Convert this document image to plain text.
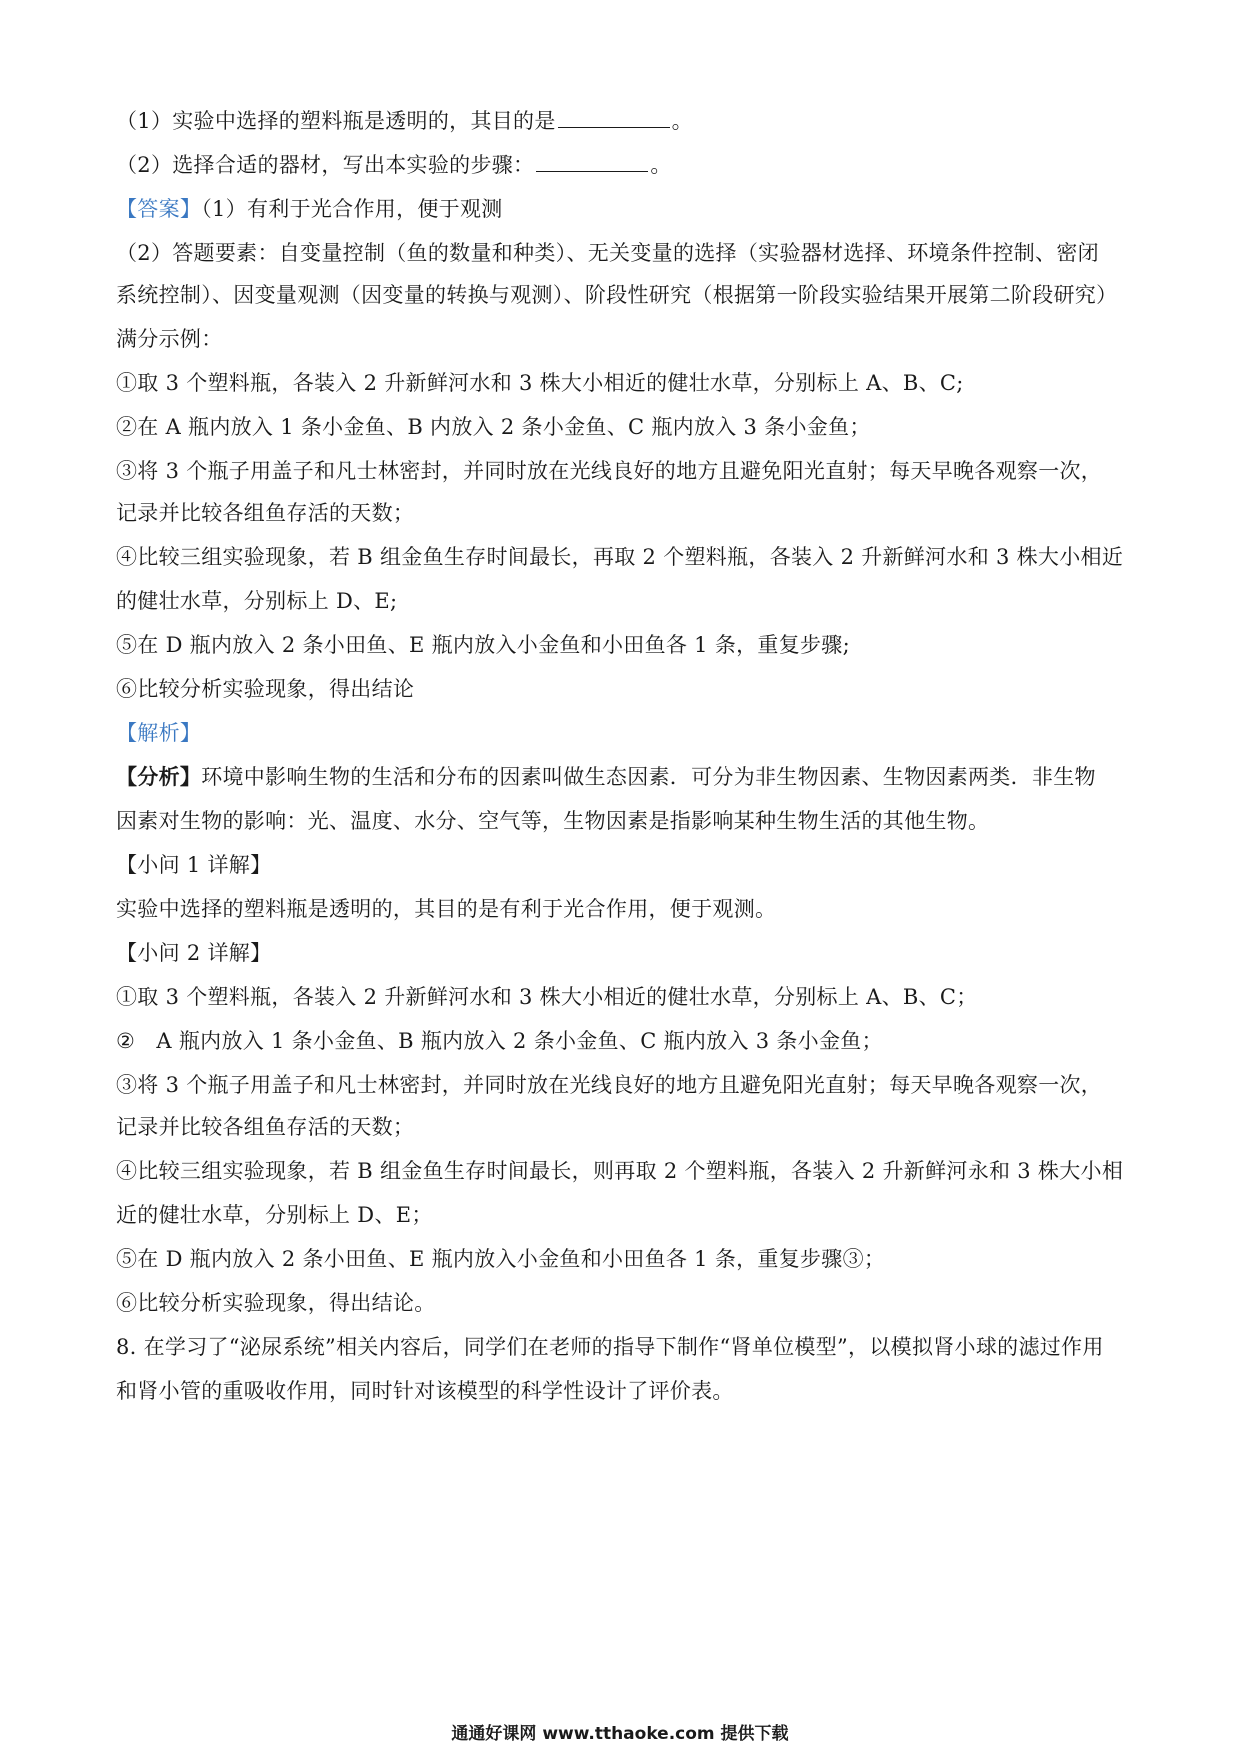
（1）实验中选择的塑料瓶是透明的，其目的是	。
（2）选择合适的器材，写出本实验的步骤：	。
【答案】（1）有利于光合作用，便于观测
（2）答题要素：自变量控制（鱼的数量和种类）、无关变量的选择（实验器材选择、环境条件控制、密闭
系统控制）、因变量观测（因变量的转换与观测）、阶段性研究（根据第一阶段实验结果开展第二阶段研究）
满分示例：
①取 3 个塑料瓶，各装入 2 升新鲜河水和 3 株大小相近的健壮水草，分别标上 A、B、C;
②在 A 瓶内放入 1 条小金鱼、B 内放入 2 条小金鱼、C 瓶内放入 3 条小金鱼；
③将 3 个瓶子用盖子和凡士林密封，并同时放在光线良好的地方且避免阳光直射；每天早晚各观察一次，
记录并比较各组鱼存活的天数；
④比较三组实验现象，若 B 组金鱼生存时间最长，再取 2 个塑料瓶，各装入 2 升新鲜河水和 3 株大小相近
的健壮水草，分别标上 D、E;
⑤在 D 瓶内放入 2 条小田鱼、E 瓶内放入小金鱼和小田鱼各 1 条，重复步骤;
⑥比较分析实验现象，得出结论
【解析】
【分析】环境中影响生物的生活和分布的因素叫做生态因素．可分为非生物因素、生物因素两类．非生物
因素对生物的影响：光、温度、水分、空气等，生物因素是指影响某种生物生活的其他生物。
【小问 1 详解】
实验中选择的塑料瓶是透明的，其目的是有利于光合作用，便于观测。
【小问 2 详解】
①取 3 个塑料瓶，各装入 2 升新鲜河水和 3 株大小相近的健壮水草，分别标上 A、B、C；
②　A 瓶内放入 1 条小金鱼、B 瓶内放入 2 条小金鱼、C 瓶内放入 3 条小金鱼；
③将 3 个瓶子用盖子和凡士林密封，并同时放在光线良好的地方且避免阳光直射；每天早晚各观察一次，
记录并比较各组鱼存活的天数；
④比较三组实验现象，若 B 组金鱼生存时间最长，则再取 2 个塑料瓶，各装入 2 升新鲜河永和 3 株大小相
近的健壮水草，分别标上 D、E；
⑤在 D 瓶内放入 2 条小田鱼、E 瓶内放入小金鱼和小田鱼各 1 条，重复步骤③；
⑥比较分析实验现象，得出结论。
8. 在学习了“泌尿系统”相关内容后，同学们在老师的指导下制作“肾单位模型”，以模拟肾小球的滤过作用
和肾小管的重吸收作用，同时针对该模型的科学性设计了评价表。
通通好课网 www.tthaoke.com 提供下载
